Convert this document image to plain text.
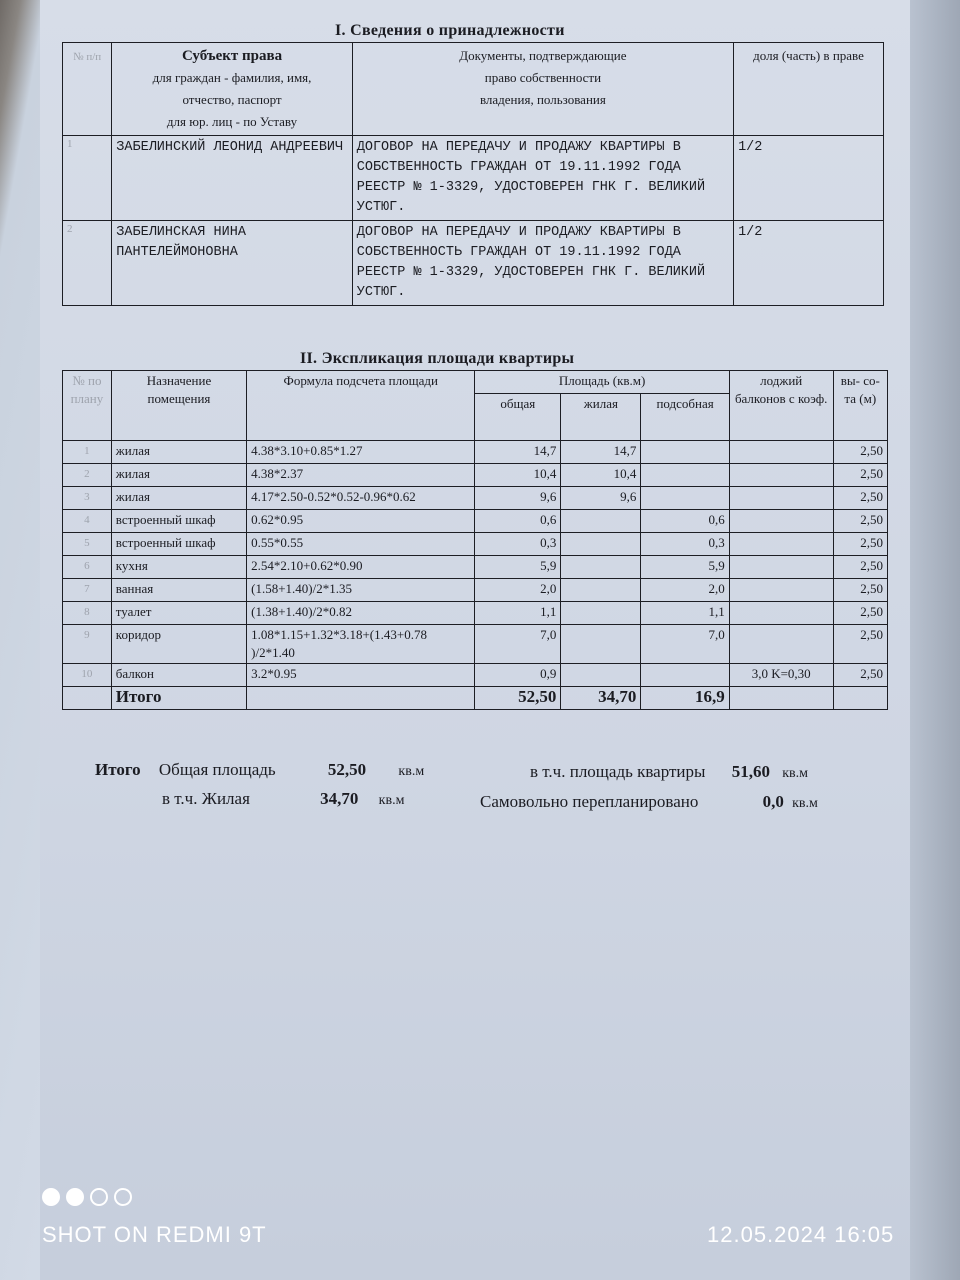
I. Сведения о принадлежности
№ п/п	Субъект права
для граждан - фамилия, имя,
отчество, паспорт
для юр. лиц - по Уставу	Документы, подтверждающие
право собственности
владения, пользования	доля (часть) в праве
1	ЗАБЕЛИНСКИЙ ЛЕОНИД АНДРЕЕВИЧ	ДОГОВОР НА ПЕРЕДАЧУ И ПРОДАЖУ КВАРТИРЫ В СОБСТВЕННОСТЬ ГРАЖДАН ОТ 19.11.1992 ГОДА РЕЕСТР № 1-3329, УДОСТОВЕРЕН ГНК Г. ВЕЛИКИЙ УСТЮГ.	1/2
2	ЗАБЕЛИНСКАЯ НИНА ПАНТЕЛЕЙМОНОВНА	ДОГОВОР НА ПЕРЕДАЧУ И ПРОДАЖУ КВАРТИРЫ В СОБСТВЕННОСТЬ ГРАЖДАН ОТ 19.11.1992 ГОДА РЕЕСТР № 1-3329, УДОСТОВЕРЕН ГНК Г. ВЕЛИКИЙ УСТЮГ.	1/2
II. Экспликация площади квартиры
№ по плану	Назначение помещения	Формула подсчета площади	Площадь (кв.м)			лоджий балконов с коэф.	вы- со- та (м)
			общая	жилая	подсобная		
1	жилая	4.38*3.10+0.85*1.27	14,7	14,7			2,50
2	жилая	4.38*2.37	10,4	10,4			2,50
3	жилая	4.17*2.50-0.52*0.52-0.96*0.62	9,6	9,6			2,50
4	встроенный шкаф	0.62*0.95	0,6		0,6		2,50
5	встроенный шкаф	0.55*0.55	0,3		0,3		2,50
6	кухня	2.54*2.10+0.62*0.90	5,9		5,9		2,50
7	ванная	(1.58+1.40)/2*1.35	2,0		2,0		2,50
8	туалет	(1.38+1.40)/2*0.82	1,1		1,1		2,50
9	коридор	1.08*1.15+1.32*3.18+(1.43+0.78 )/2*1.40	7,0		7,0		2,50
10	балкон	3.2*0.95	0,9			3,0 K=0,30	2,50
	Итого		52,50	34,70	16,9		
Итого Общая площадь	52,50 кв.м	в т.ч. площадь квартиры 51,60 кв.м
в т.ч. Жилая	34,70 кв.м	Самовольно перепланировано	0,0 кв.м
SHOT ON REDMI 9T	12.05.2024 16:05
